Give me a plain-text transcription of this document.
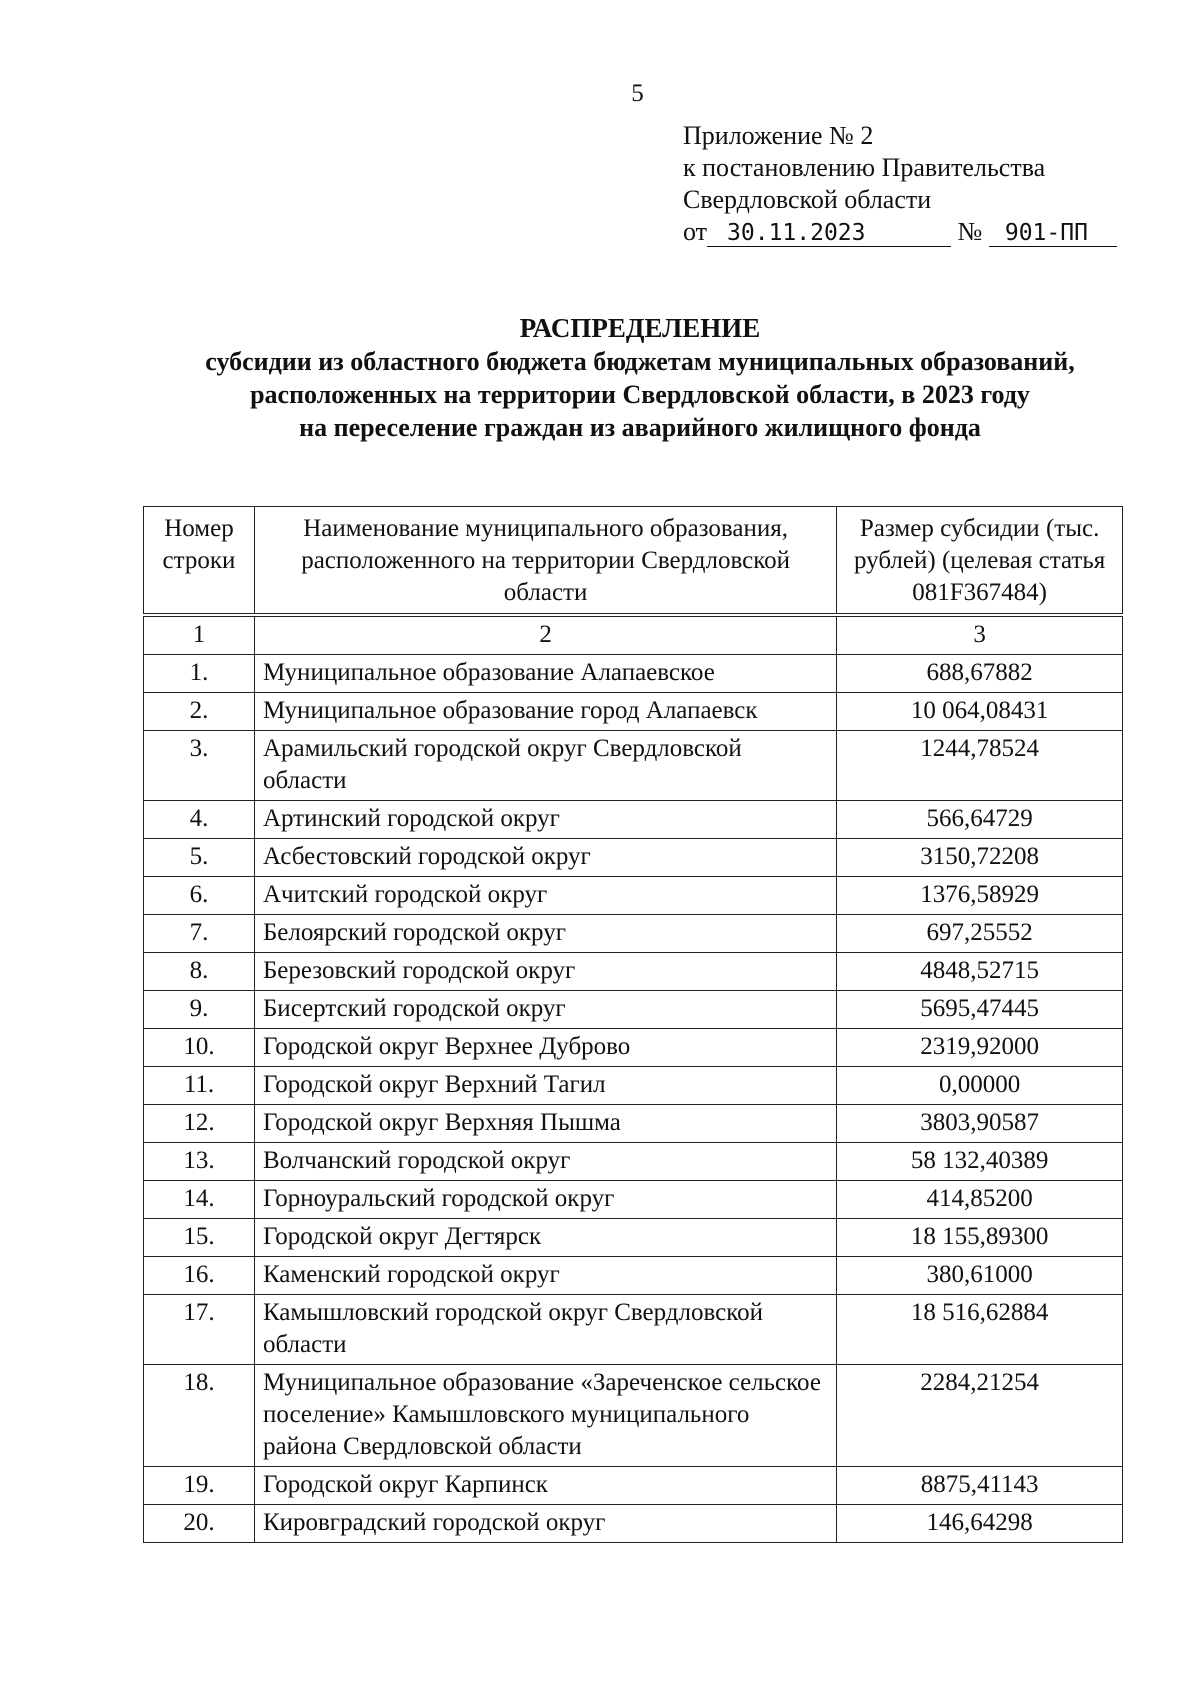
5
Приложение № 2
к постановлению Правительства
Свердловской области
от 30.11.2023	№ 901-ПП
РАСПРЕДЕЛЕНИЕ
субсидии из областного бюджета бюджетам муниципальных образований,
расположенных на территории Свердловской области, в 2023 году
на переселение граждан из аварийного жилищного фонда
Номер строки	Наименование муниципального образования, расположенного на территории Свердловской области	Размер субсидии (тыс. рублей) (целевая статья 081F367484)
1	2	3
1.	Муниципальное образование Алапаевское	688,67882
2.	Муниципальное образование город Алапаевск	10 064,08431
3.	Арамильский городской округ Свердловской области	1244,78524
4.	Артинский городской округ	566,64729
5.	Асбестовский городской округ	3150,72208
6.	Ачитский городской округ	1376,58929
7.	Белоярский городской округ	697,25552
8.	Березовский городской округ	4848,52715
9.	Бисертский городской округ	5695,47445
10.	Городской округ Верхнее Дуброво	2319,92000
11.	Городской округ Верхний Тагил	0,00000
12.	Городской округ Верхняя Пышма	3803,90587
13.	Волчанский городской округ	58 132,40389
14.	Горноуральский городской округ	414,85200
15.	Городской округ Дегтярск	18 155,89300
16.	Каменский городской округ	380,61000
17.	Камышловский городской округ Свердловской области	18 516,62884
18.	Муниципальное образование «Зареченское сельское поселение» Камышловского муниципального района Свердловской области	2284,21254
19.	Городской округ Карпинск	8875,41143
20.	Кировградский городской округ	146,64298
